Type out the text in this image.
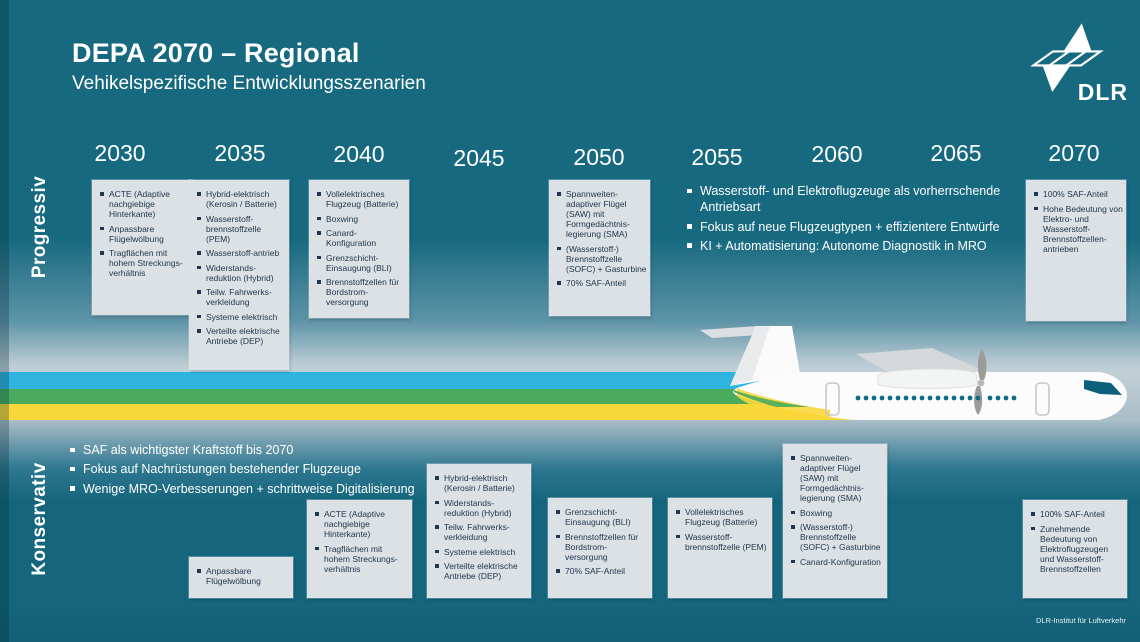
DEPA 2070 – Regional
Vehikelspezifische Entwicklungsszenarien	DLR
2030	2035	2040	2045	2050	2055	2060	2065	2070
Progressiv
Konservativ
Wasserstoff- und Elektroflugzeuge als vorherrschende Antriebsart
Fokus auf neue Flugzeugtypen + effizientere Entwürfe
KI + Automatisierung: Autonome Diagnostik in MRO
SAF als wichtigster Kraftstoff bis 2070
Fokus auf Nachrüstungen bestehender Flugzeuge
Wenige MRO-Verbesserungen + schrittweise Digitalisierung
ACTE (Adaptive nachgiebige Hinterkante)
Anpassbare Flügelwölbung
Tragflächen mit hohem Streckungs-verhältnis
Hybrid-elektrisch (Kerosin / Batterie)
Wasserstoff-brennstoffzelle (PEM)
Wasserstoff-antrieb
Widerstands-reduktion (Hybrid)
Teilw. Fahrwerks-verkleidung
Systeme elektrisch
Verteilte elektrische Antriebe (DEP)
Vollelektrisches Flugzeug (Batterie)
Boxwing
Canard-Konfiguration
Grenzschicht-Einsaugung (BLI)
Brennstoffzellen für Bordstrom-versorgung
Spannweiten-adaptiver Flügel (SAW) mit Formgedächtnis-legierung (SMA)
(Wasserstoff-) Brennstoffzelle (SOFC) + Gasturbine
70% SAF-Anteil
100% SAF-Anteil
Hohe Bedeutung von Elektro- und Wasserstoff-Brennstoffzellen-antrieben
Anpassbare Flügelwölbung
ACTE (Adaptive nachgiebige Hinterkante)
Tragflächen mit hohem Streckungs-verhältnis
Hybrid-elektrisch (Kerosin / Batterie)
Widerstands-reduktion (Hybrid)
Teilw. Fahrwerks-verkleidung
Systeme elektrisch
Verteilte elektrische Antriebe (DEP)
Grenzschicht-Einsaugung (BLI)
Brennstoffzellen für Bordstrom-versorgung
70% SAF-Anteil
Vollelektrisches Flugzeug (Batterie)
Wasserstoff-brennstoffzelle (PEM)
Spannweiten-adaptiver Flügel (SAW) mit Formgedächtnis-legierung (SMA)
Boxwing
(Wasserstoff-) Brennstoffzelle (SOFC) + Gasturbine
Canard-Konfiguration
100% SAF-Anteil
Zunehmende Bedeutung von Elektroflugzeugen und Wasserstoff-Brennstoffzellen
DLR-Institut für Luftverkehr
